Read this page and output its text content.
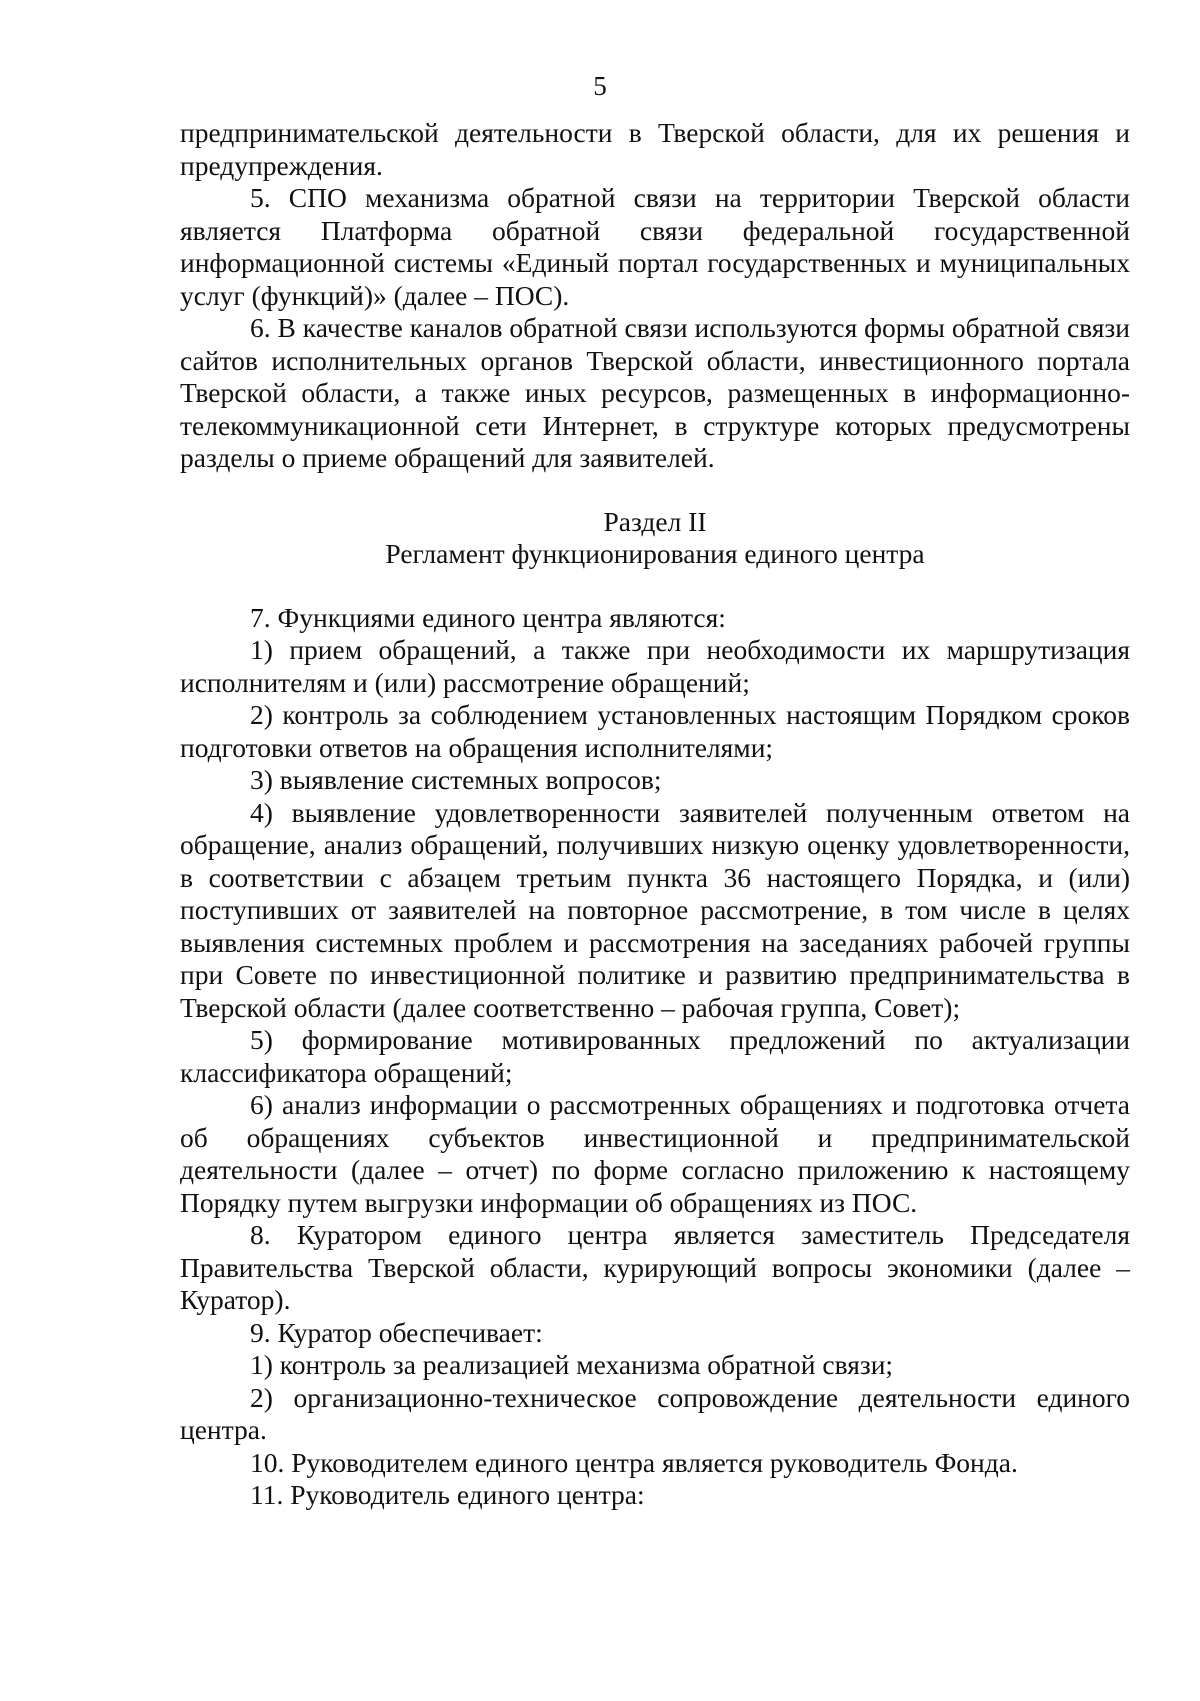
5

предпринимательской деятельности в Тверской области, для их решения и предупреждения.

5. СПО механизма обратной связи на территории Тверской области является Платформа обратной связи федеральной государственной информационной системы «Единый портал государственных и муниципальных услуг (функций)» (далее – ПОС).

6. В качестве каналов обратной связи используются формы обратной связи сайтов исполнительных органов Тверской области, инвестиционного портала Тверской области, а также иных ресурсов, размещенных в информационно-телекоммуникационной сети Интернет, в структуре которых предусмотрены разделы о приеме обращений для заявителей.

Раздел II

Регламент функционирования единого центра

7. Функциями единого центра являются:

1) прием обращений, а также при необходимости их маршрутизация исполнителям и (или) рассмотрение обращений;

2) контроль за соблюдением установленных настоящим Порядком сроков подготовки ответов на обращения исполнителями;

3) выявление системных вопросов;

4) выявление удовлетворенности заявителей полученным ответом на обращение, анализ обращений, получивших низкую оценку удовлетворенности, в соответствии с абзацем третьим пункта 36 настоящего Порядка, и (или) поступивших от заявителей на повторное рассмотрение, в том числе в целях выявления системных проблем и рассмотрения на заседаниях рабочей группы при Совете по инвестиционной политике и развитию предпринимательства в Тверской области (далее соответственно – рабочая группа, Совет);

5) формирование мотивированных предложений по актуализации классификатора обращений;

6) анализ информации о рассмотренных обращениях и подготовка отчета об обращениях субъектов инвестиционной и предпринимательской деятельности (далее – отчет) по форме согласно приложению к настоящему Порядку путем выгрузки информации об обращениях из ПОС.

8. Куратором единого центра является заместитель Председателя Правительства Тверской области, курирующий вопросы экономики (далее – Куратор).

9. Куратор обеспечивает:

1) контроль за реализацией механизма обратной связи;

2) организационно-техническое сопровождение деятельности единого центра.

10. Руководителем единого центра является руководитель Фонда.

11. Руководитель единого центра:
